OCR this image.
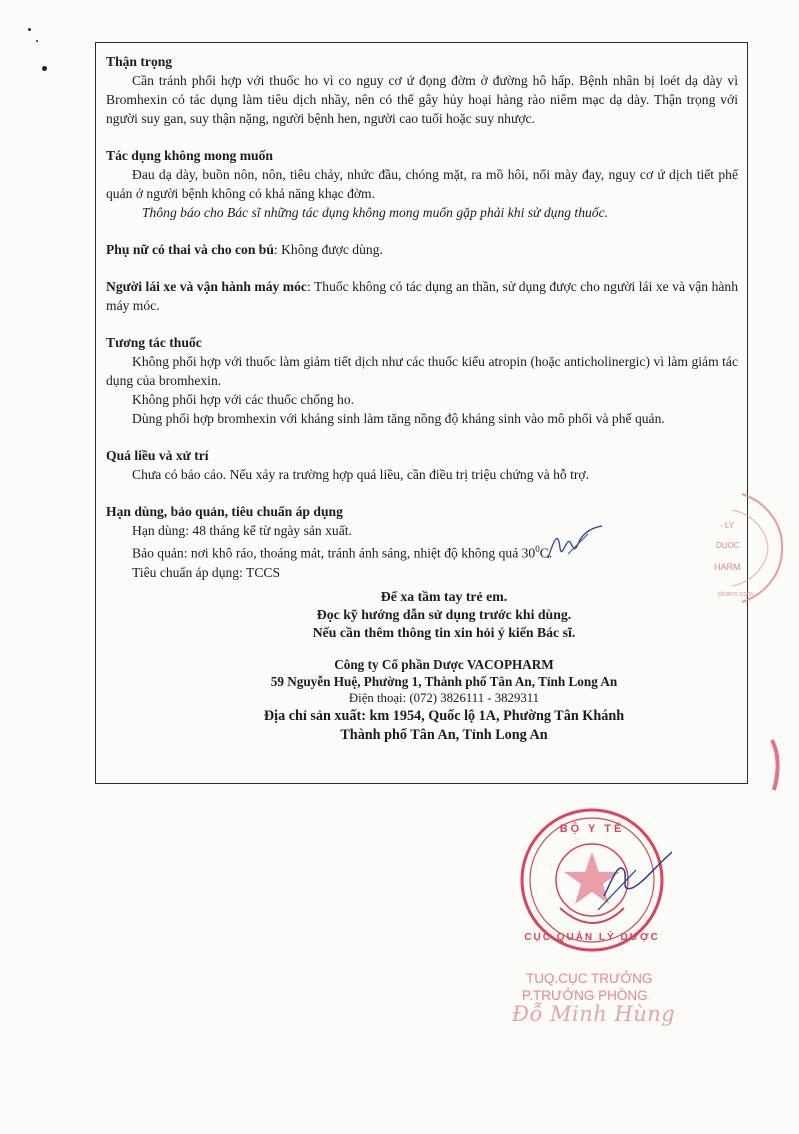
Thận trọng

Cần tránh phối hợp với thuốc ho vì co nguy cơ ứ đọng đờm ở đường hô hấp. Bệnh nhân bị loét dạ dày vì Bromhexin có tác dụng làm tiêu dịch nhầy, nên có thể gây hủy hoại hàng rào niêm mạc dạ dày. Thận trọng với người suy gan, suy thận nặng, người bệnh hen, người cao tuổi hoặc suy nhược.

Tác dụng không mong muốn

Đau dạ dày, buồn nôn, nôn, tiêu chảy, nhức đầu, chóng mặt, ra mồ hôi, nổi mày đay, nguy cơ ứ dịch tiết phế quản ở người bệnh không có khả năng khạc đờm.

Thông báo cho Bác sĩ những tác dụng không mong muốn gặp phải khi sử dụng thuốc.

Phụ nữ có thai và cho con bú: Không được dùng.

Người lái xe và vận hành máy móc: Thuốc không có tác dụng an thần, sử dụng được cho người lái xe và vận hành máy móc.

Tương tác thuốc

Không phối hợp với thuốc làm giảm tiết dịch như các thuốc kiểu atropin (hoặc anticholinergic) vì làm giảm tác dụng của bromhexin.

Không phối hợp với các thuốc chống ho.

Dùng phối hợp bromhexin với kháng sinh làm tăng nồng độ kháng sinh vào mô phổi và phế quản.

Quá liều và xử trí

Chưa có báo cáo. Nếu xảy ra trường hợp quá liều, cần điều trị triệu chứng và hỗ trợ.

Hạn dùng, bảo quản, tiêu chuẩn áp dụng

Hạn dùng: 48 tháng kể từ ngày sản xuất.

Bảo quản: nơi khô ráo, thoáng mát, tránh ánh sáng, nhiệt độ không quá $30^0C$.

Tiêu chuẩn áp dụng: TCCS

Để xa tầm tay trẻ em.

Đọc kỹ hướng dẫn sử dụng trước khi dùng.

Nếu cần thêm thông tin xin hỏi ý kiến Bác sĩ.

Công ty Cổ phần Dược VACOPHARM

59 Nguyễn Huệ, Phường 1, Thành phố Tân An, Tỉnh Long An

Điện thoại: (072) 3826111 - 3829311

Địa chỉ sản xuất: km 1954, Quốc lộ 1A, Phường Tân Khánh

Thành phố Tân An, Tỉnh Long An

- LY
DUOC
HARM
pharm.com
BỘ Y TẾ
CỤC QUẢN LÝ DƯỢC
TUQ.CỤC TRƯỞNG
P.TRƯỞNG PHÒNG
Đỗ Minh Hùng
